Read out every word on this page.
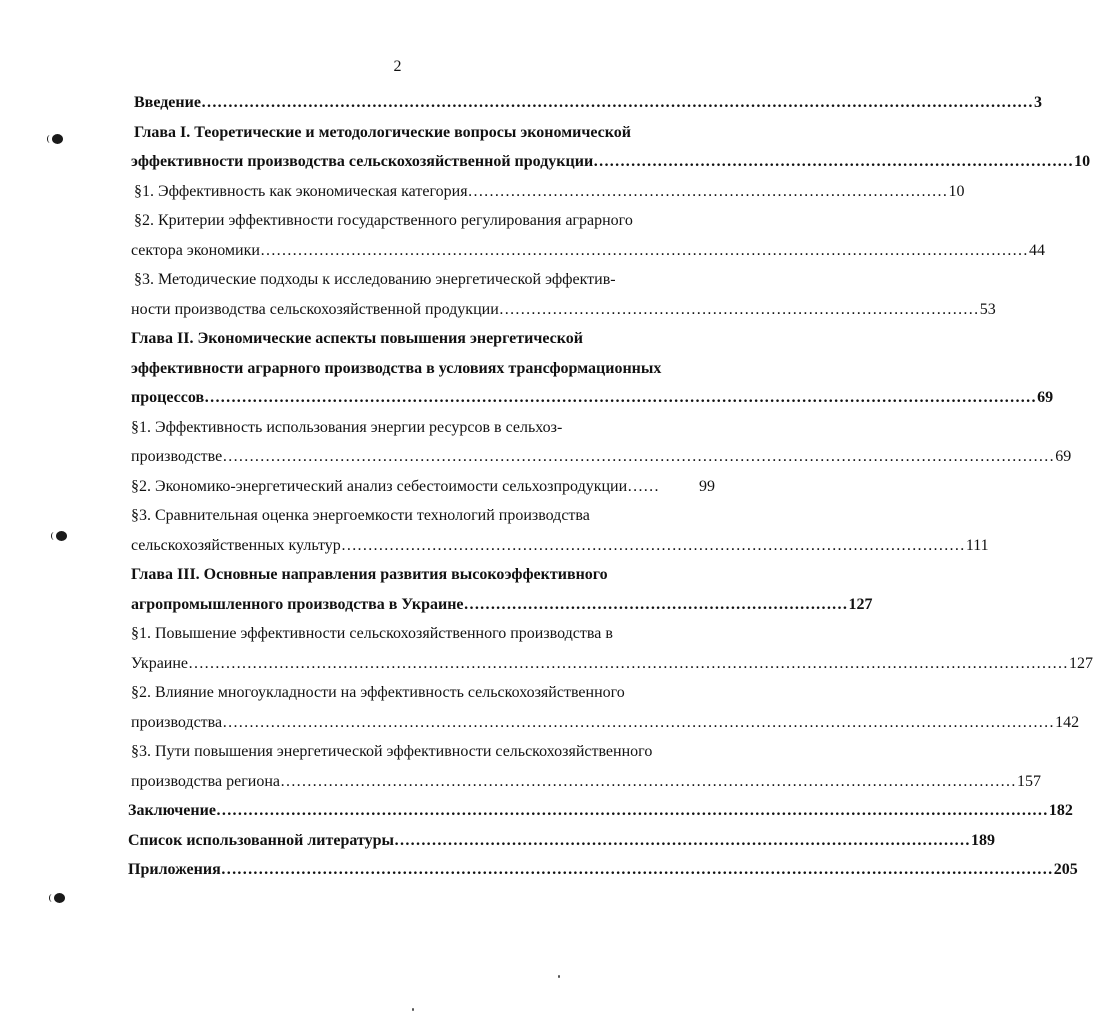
2
Введение ………………………………………………………………………………………………………………………………………… 3
Глава I. Теоретические и методологические вопросы экономической
эффективности производства сельскохозяйственной продукции ……………………………………………………………………………… 10
§1. Эффективность как экономическая категория ……………………………………………………………………………… 10
§2. Критерии эффективности государственного регулирования аграрного
сектора экономики ……………………………………………………………………………………………………………………………… 44
§3. Методические подходы к исследованию энергетической эффектив-
ности производства сельскохозяйственной продукции ……………………………………………………………………………… 53
Глава II. Экономические аспекты повышения энергетической
эффективности аграрного производства в условиях трансформационных
процессов ………………………………………………………………………………………………………………………………………… 69
§1. Эффективность использования энергии ресурсов в сельхоз-
производстве ………………………………………………………………………………………………………………………………………… 69
§2. Экономико-энергетический анализ себестоимости сельхозпродукции ……	99
§3. Сравнительная оценка энергоемкости технологий производства
сельскохозяйственных культур ……………………………………………………………………………………………………… 111
Глава III. Основные направления развития высокоэффективного
агропромышленного производства в Украине ……………………………………………………………… 127
§1. Повышение эффективности сельскохозяйственного производства в
Украине ………………………………………………………………………………………………………………………………………………… 127
§2. Влияние многоукладности на эффективность сельскохозяйственного
производства ………………………………………………………………………………………………………………………………………… 142
§3. Пути повышения энергетической эффективности сельскохозяйственного
производства региона ………………………………………………………………………………………………………………………… 157
Заключение ………………………………………………………………………………………………………………………………………… 182
Список использованной литературы ……………………………………………………………………………………………… 189
Приложения ………………………………………………………………………………………………………………………………………… 205
